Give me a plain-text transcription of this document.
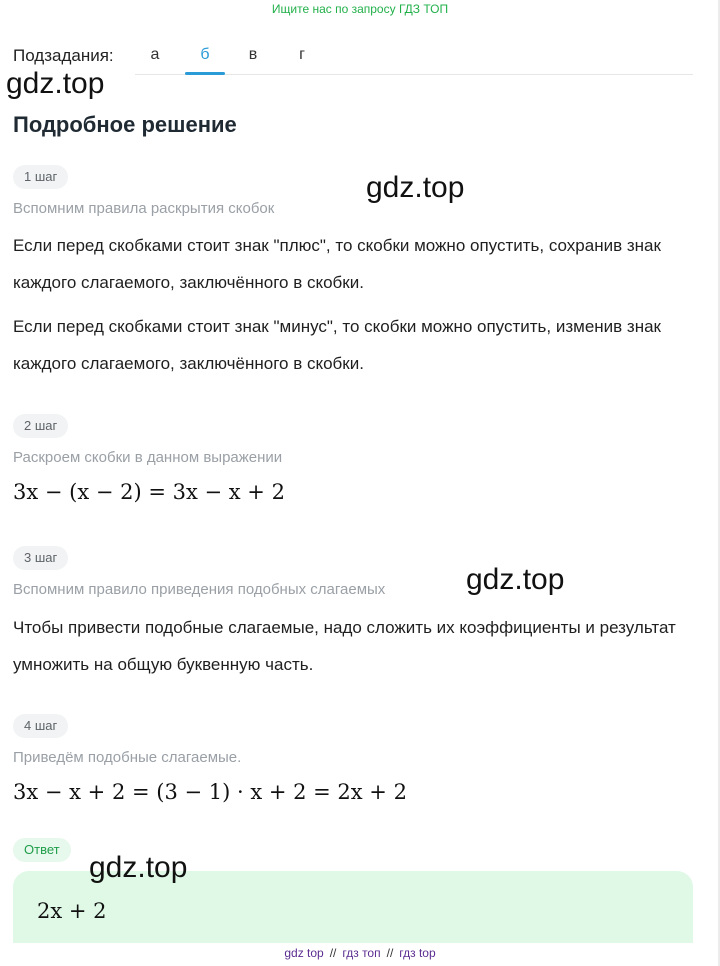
Ищите нас по запросу ГДЗ ТОП
Подзадания:	а	б	в	г
gdz.top
Подробное решение
1 шаг	gdz.top
Вспомним правила раскрытия скобок
Если перед скобками стоит знак "плюс", то скобки можно опустить, сохранив знак каждого слагаемого, заключённого в скобки.
Если перед скобками стоит знак "минус", то скобки можно опустить, изменив знак каждого слагаемого, заключённого в скобки.
2 шаг
Раскроем скобки в данном выражении
3x − (x − 2) = 3x − x + 2
3 шаг
gdz.top
Вспомним правило приведения подобных слагаемых
Чтобы привести подобные слагаемые, надо сложить их коэффициенты и результат умножить на общую буквенную часть.
4 шаг
Приведём подобные слагаемые.
3x − x + 2 = (3 − 1) · x + 2 = 2x + 2
Ответ
gdz.top
2x + 2
gdz top // гдз топ // гдз top
